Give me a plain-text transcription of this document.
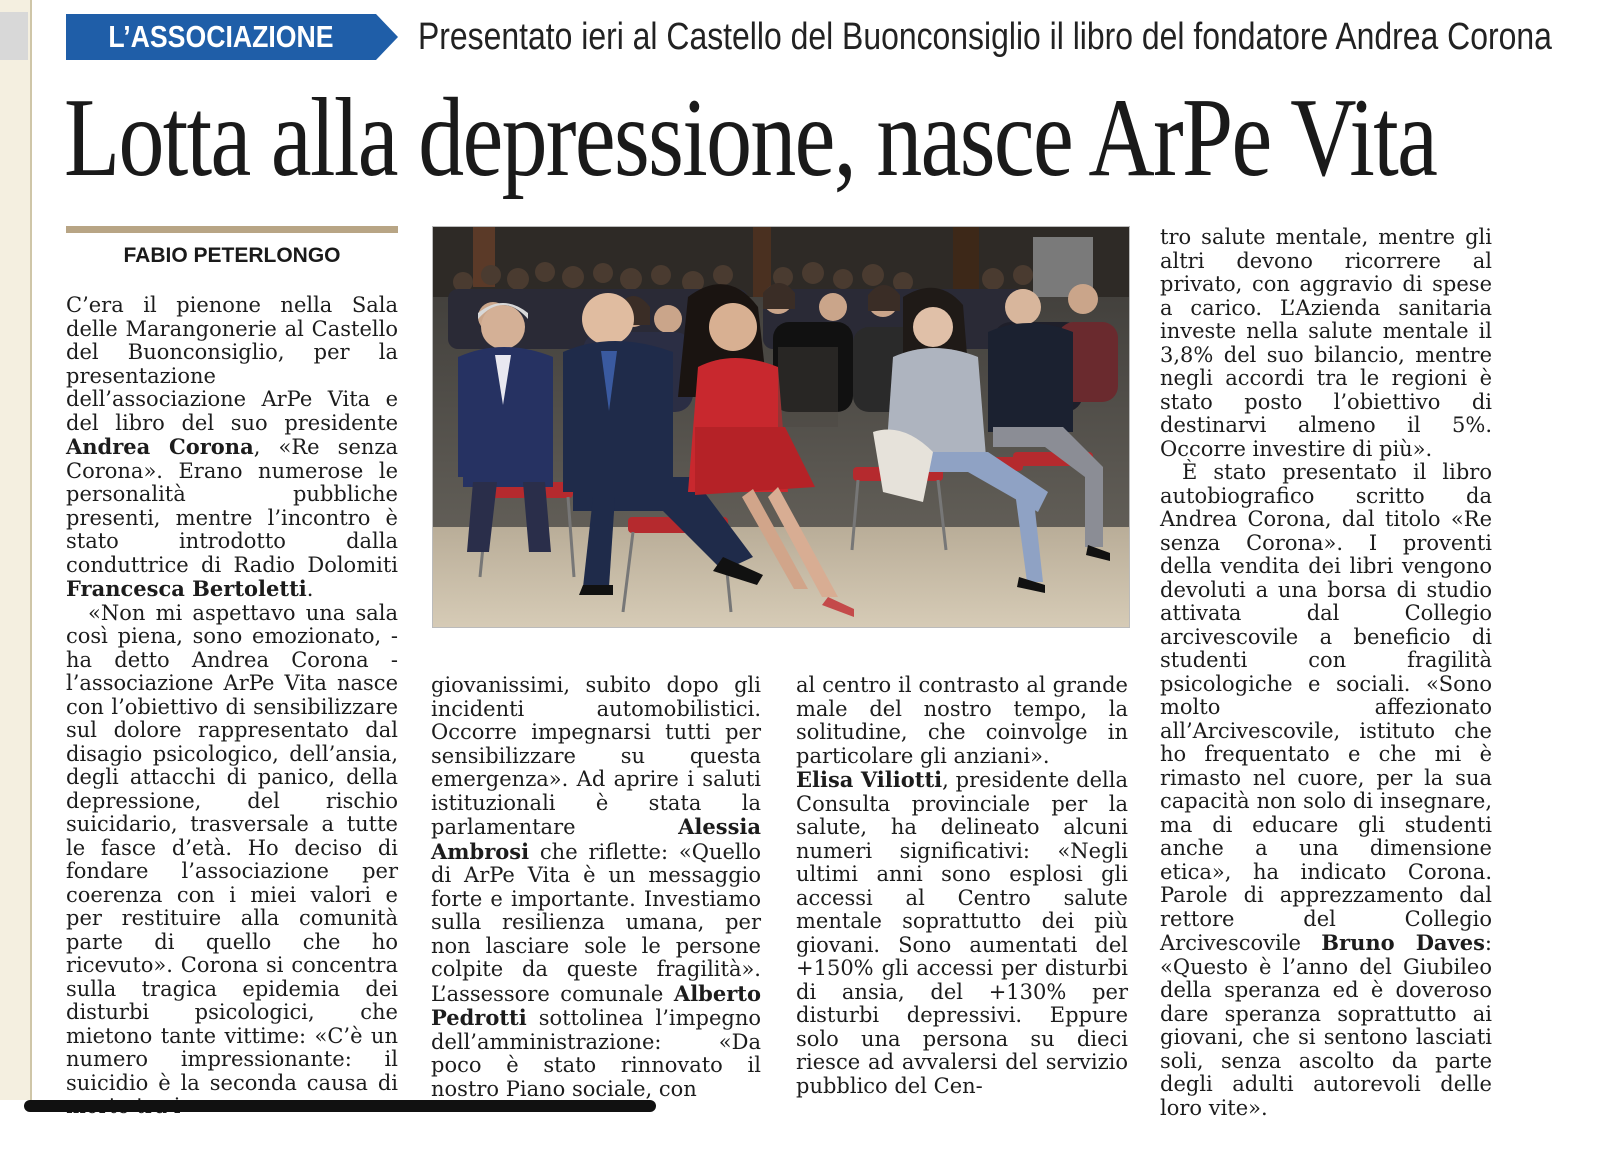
L’ASSOCIAZIONE	Presentato ieri al Castello del Buonconsiglio il libro del fondatore Andrea Corona
Lotta alla depressione, nasce ArPe Vita
FABIO PETERLONGO

C’era il pienone nella Sala delle Marangonerie al Castello del Buonconsiglio, per la presentazione dell’associazione ArPe Vita e del libro del suo presidente Andrea Corona, «Re senza Corona». Erano numerose le personalità pubbliche presenti, mentre l’incontro è stato introdotto dalla conduttrice di Radio Dolomiti Francesca Bertoletti.

«Non mi aspettavo una sala così piena, sono emozionato, - ha detto Andrea Corona - l’associazione ArPe Vita nasce con l’obiettivo di sensibilizzare sul dolore rappresentato dal disagio psicologico, dell’ansia, degli attacchi di panico, della depressione, del rischio suicidario, trasversale a tutte le fasce d’età. Ho deciso di fondare l’associazione per coerenza con i miei valori e per restituire alla comunità parte di quello che ho ricevuto». Corona si concentra sulla tragica epidemia dei disturbi psicologici, che mietono tante vittime: «C’è un numero impressionante: il suicidio è la seconda causa di

giovanissimi, subito dopo gli incidenti automobilistici. Occorre impegnarsi tutti per sensibilizzare su questa emergenza». Ad aprire i saluti istituzionali è stata la parlamentare Alessia Ambrosi che riflette: «Quello di ArPe Vita è un messaggio forte e importante. Investiamo sulla resilienza umana, per non lasciare sole le persone colpite da queste fragilità». L’assessore comunale Alberto Pedrotti sottolinea l’impegno dell’amministrazione: «Da poco è stato rinnovato il nostro Piano sociale, con

al centro il contrasto al grande male del nostro tempo, la solitudine, che coinvolge in particolare gli anziani».

Elisa Viliotti, presidente della Consulta provinciale per la salute, ha delineato alcuni numeri significativi: «Negli ultimi anni sono esplosi gli accessi al Centro salute mentale soprattutto dei più giovani. Sono aumentati del +150% gli accessi per disturbi di ansia, del +130% per disturbi depressivi. Eppure solo una persona su dieci riesce ad avvalersi del servizio pubblico del Cen-

tro salute mentale, mentre gli altri devono ricorrere al privato, con aggravio di spese a carico. L’Azienda sanitaria investe nella salute mentale il 3,8% del suo bilancio, mentre negli accordi tra le regioni è stato posto l’obiettivo di destinarvi almeno il 5%. Occorre investire di più».

È stato presentato il libro autobiografico scritto da Andrea Corona, dal titolo «Re senza Corona». I proventi della vendita dei libri vengono devoluti a una borsa di studio attivata dal Collegio arcivescovile a beneficio di studenti con fragilità psicologiche e sociali. «Sono molto affezionato all’Arcivescovile, istituto che ho frequentato e che mi è rimasto nel cuore, per la sua capacità non solo di insegnare, ma di educare gli studenti anche a una dimensione etica», ha indicato Corona. Parole di apprezzamento dal rettore del Collegio Arcivescovile Bruno Daves: «Questo è l’anno del Giubileo della speranza ed è doveroso dare speranza soprattutto ai giovani, che si sentono lasciati soli, senza ascolto da parte degli adulti autorevoli delle loro vite».
